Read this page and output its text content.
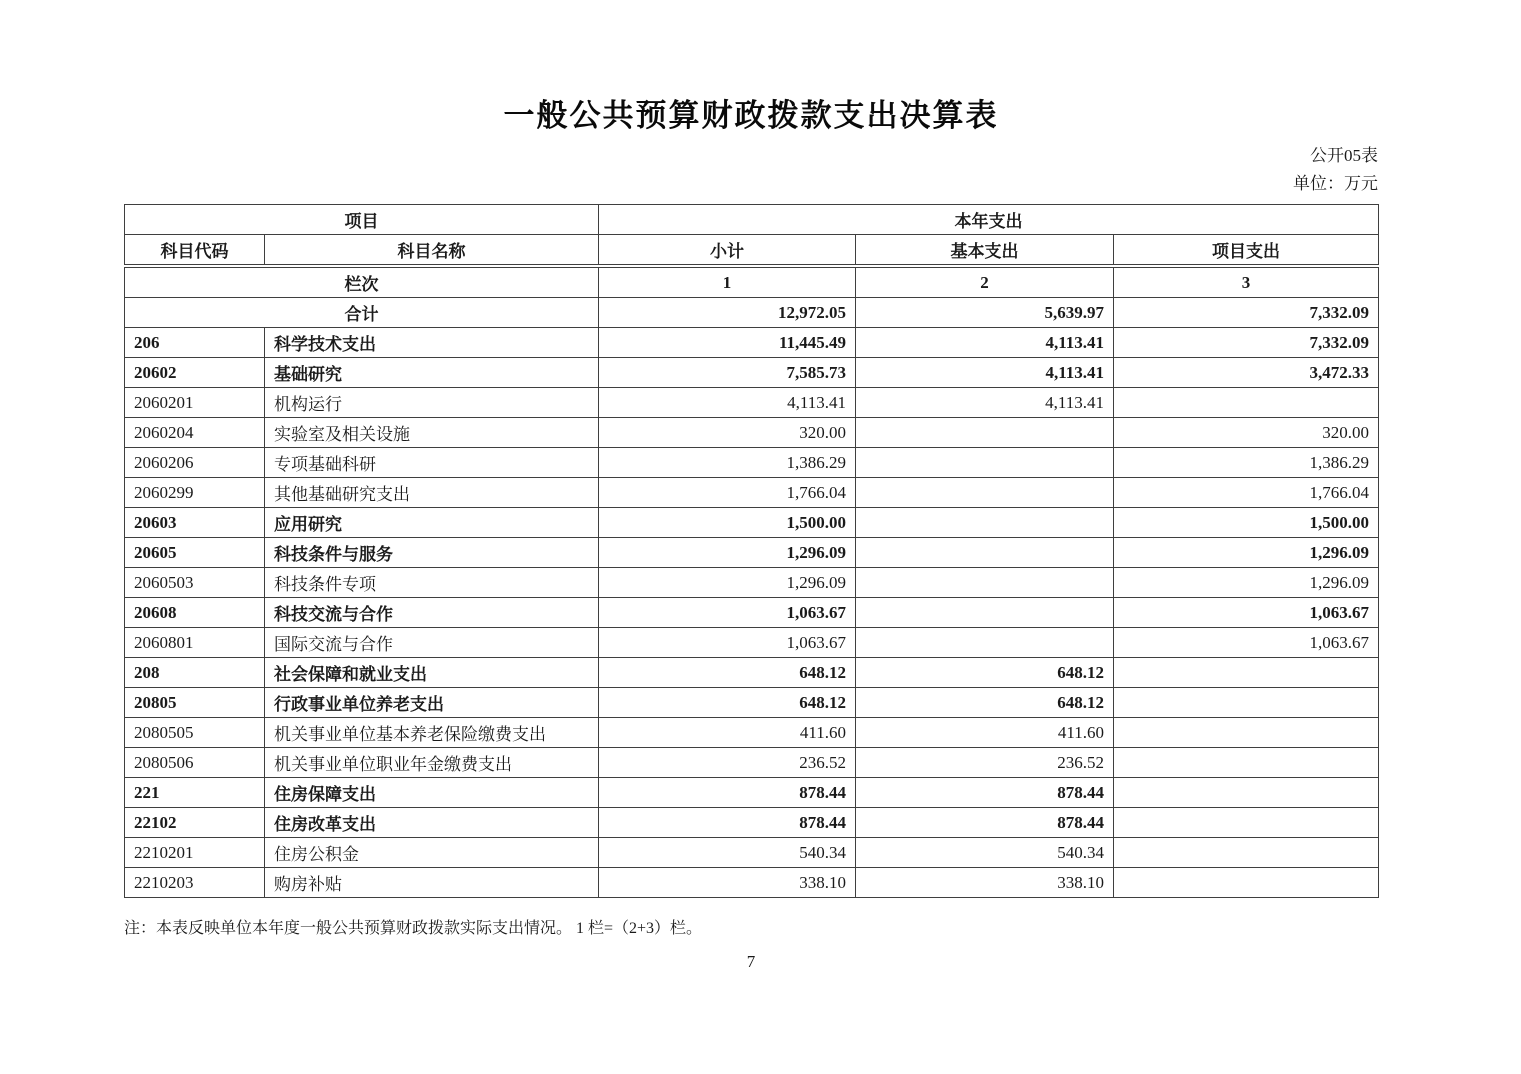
一般公共预算财政拨款支出决算表
公开05表
单位：万元
项目		本年支出		
科目代码	科目名称	小计	基本支出	项目支出
栏次		1	2	3
合计		12,972.05	5,639.97	7,332.09
206	科学技术支出	11,445.49	4,113.41	7,332.09
20602	基础研究	7,585.73	4,113.41	3,472.33
2060201	机构运行	4,113.41	4,113.41	
2060204	实验室及相关设施	320.00		320.00
2060206	专项基础科研	1,386.29		1,386.29
2060299	其他基础研究支出	1,766.04		1,766.04
20603	应用研究	1,500.00		1,500.00
20605	科技条件与服务	1,296.09		1,296.09
2060503	科技条件专项	1,296.09		1,296.09
20608	科技交流与合作	1,063.67		1,063.67
2060801	国际交流与合作	1,063.67		1,063.67
208	社会保障和就业支出	648.12	648.12	
20805	行政事业单位养老支出	648.12	648.12	
2080505	机关事业单位基本养老保险缴费支出	411.60	411.60	
2080506	机关事业单位职业年金缴费支出	236.52	236.52	
221	住房保障支出	878.44	878.44	
22102	住房改革支出	878.44	878.44	
2210201	住房公积金	540.34	540.34	
2210203	购房补贴	338.10	338.10	

注：本表反映单位本年度一般公共预算财政拨款实际支出情况。 1 栏=（2+3）栏。

7
